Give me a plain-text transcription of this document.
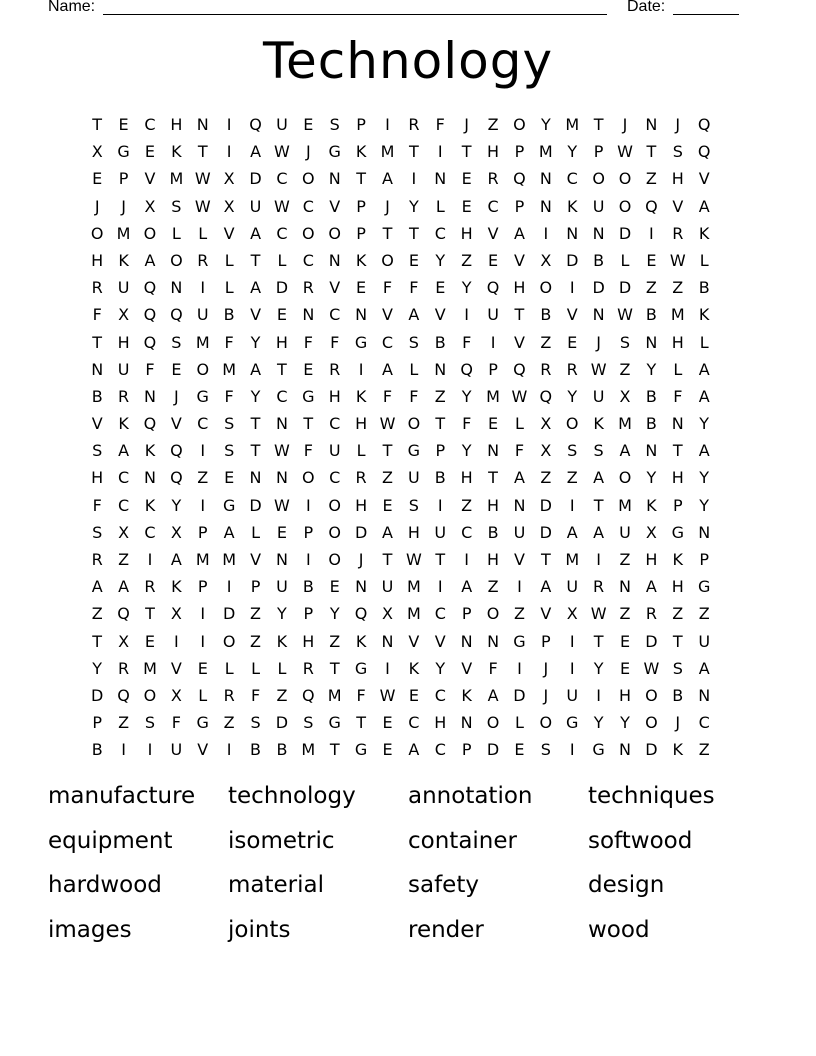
Name:	Date:
Technology
T	E C H N	I	Q U E	S	P	I	R	F	J	Z O Y M T	J	N	J	Q
X G E	K	T	I	A W	J	G K M T	I	T H P M Y	P W T	S Q
E	P	V M W X D C O N T	A	I	N E R Q N C O O Z H V
J	J	X S W X U W C V	P	J	Y	L	E C P N K U O Q V A
O M O L	L	V A C O O P	T	T C H V A	I	N N D	I	R K
H K A O R	L	T	L	C N K O E	Y	Z E V X D B	L	E W L
R U Q N	I	L	A D R V E	F	F	E	Y Q H O	I	D D Z Z B
F	X Q Q U B V E N C N V A V	I	U T	B V N W B M K
T H Q S M F	Y H F	F G C S B	F	I	V Z E	J	S N H L
N U F	E O M A	T	E R	I	A	L N Q P Q R R W Z	Y	L	A
B R N	J	G F	Y C G H K	F	F	Z	Y M W Q Y U X B	F	A
V K Q V C S	T N T C H W O T	F	E	L	X O K M B N Y
S A K Q	I	S	T W F U	L	T G P	Y N F	X S	S A N T	A
H C N Q Z E N N O C R Z U B H T	A Z Z A O Y H Y
F	C K	Y	I	G D W	I	O H E	S	I	Z H N D	I	T M K	P	Y
S X C X	P	A	L	E	P O D A H U C B U D A A U X G N
R Z	I	A M M V N	I	O	J	T W T	I	H V	T M	I	Z H K	P
A A R K	P	I	P U B E N U M	I	A Z	I	A U R N A H G
Z Q T	X	I	D Z	Y	P	Y Q X M C P O Z V X W Z R Z Z
T	X E	I	I	O Z K H Z K N V V N N G P	I	T	E D T U
Y R M V E	L	L	L	R T G	I	K	Y	V	F	I	J	I	Y	E W S A
D Q O X	L	R	F	Z Q M F W E C K A D	J	U	I	H O B N
P	Z S	F G Z S D S G T	E C H N O L O G Y	Y O	J	C
B	I	I	U V	I	B B M T G E A C P D E	S	I	G N D K Z
manufacture	technology	annotation	techniques
equipment	isometric	container	softwood
hardwood	material	safety	design
images	joints	render	wood
